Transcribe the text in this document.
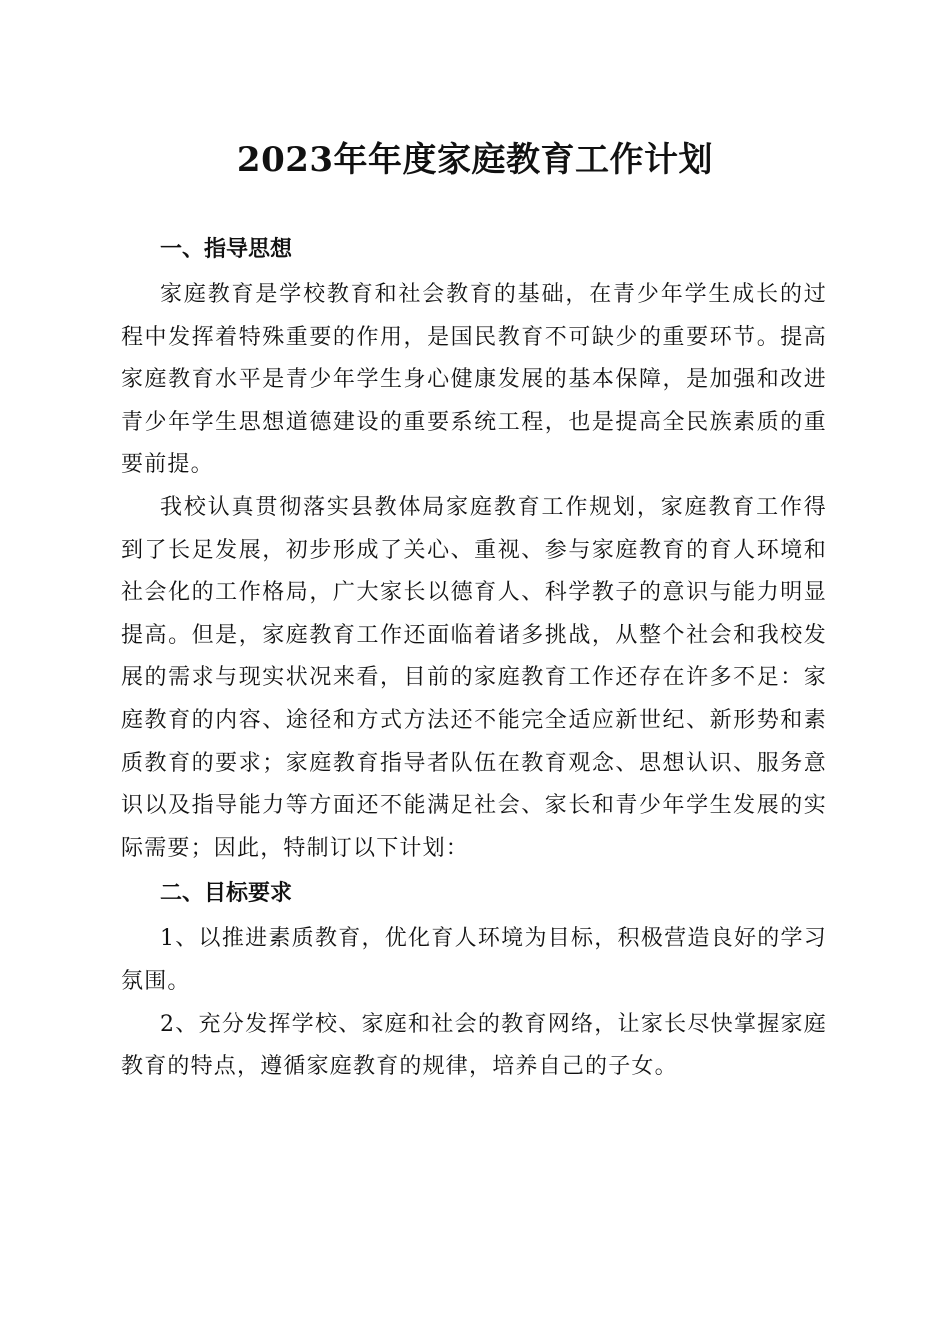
2023年年度家庭教育工作计划
一、指导思想

家庭教育是学校教育和社会教育的基础，在青少年学生成长的过程中发挥着特殊重要的作用，是国民教育不可缺少的重要环节。提高家庭教育水平是青少年学生身心健康发展的基本保障，是加强和改进青少年学生思想道德建设的重要系统工程，也是提高全民族素质的重要前提。

我校认真贯彻落实县教体局家庭教育工作规划，家庭教育工作得到了长足发展，初步形成了关心、重视、参与家庭教育的育人环境和社会化的工作格局，广大家长以德育人、科学教子的意识与能力明显提高。但是，家庭教育工作还面临着诸多挑战，从整个社会和我校发展的需求与现实状况来看，目前的家庭教育工作还存在许多不足：家庭教育的内容、途径和方式方法还不能完全适应新世纪、新形势和素质教育的要求；家庭教育指导者队伍在教育观念、思想认识、服务意识以及指导能力等方面还不能满足社会、家长和青少年学生发展的实际需要；因此，特制订以下计划：

二、目标要求

1、以推进素质教育，优化育人环境为目标，积极营造良好的学习氛围。

2、充分发挥学校、家庭和社会的教育网络，让家长尽快掌握家庭教育的特点，遵循家庭教育的规律，培养自己的子女。
